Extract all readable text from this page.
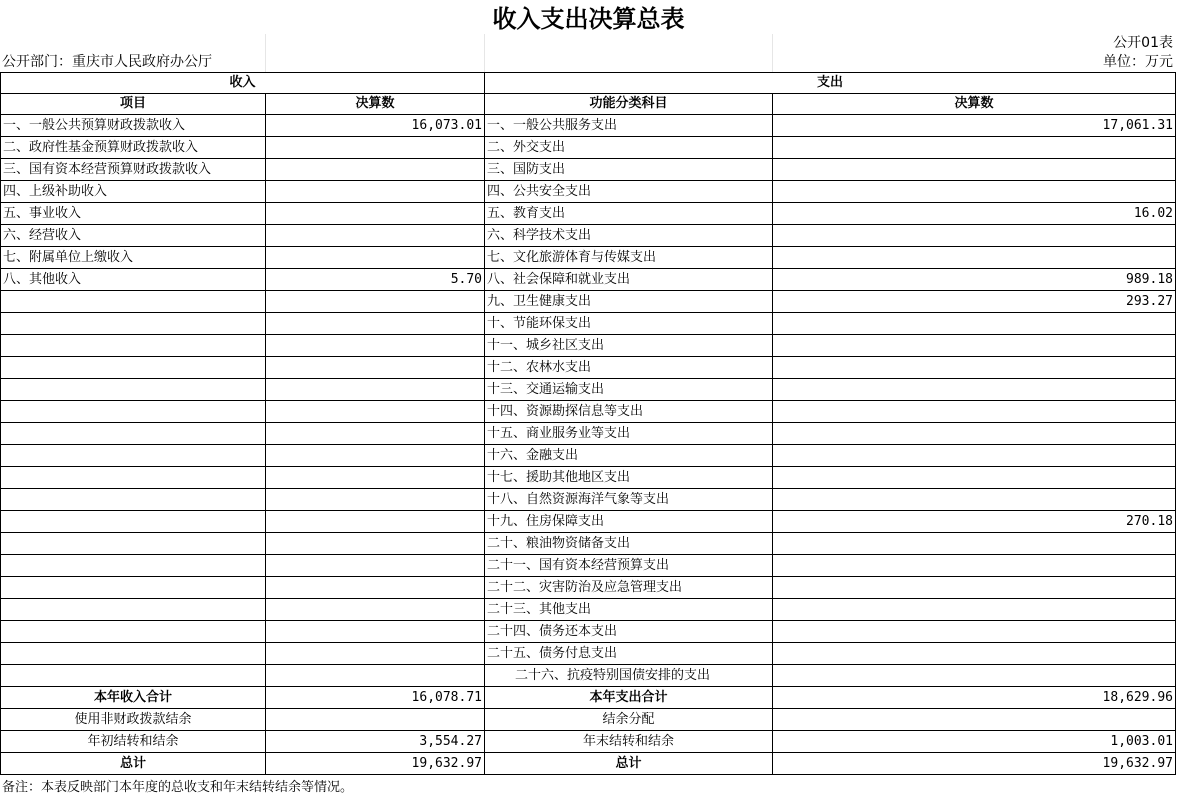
收入支出决算总表
公开01表
公开部门：重庆市人民政府办公厅	单位：万元
收入		支出	
项目	决算数	功能分类科目	决算数
一、一般公共预算财政拨款收入	16,073.01	一、一般公共服务支出	17,061.31
二、政府性基金预算财政拨款收入		二、外交支出	
三、国有资本经营预算财政拨款收入		三、国防支出	
四、上级补助收入		四、公共安全支出	
五、事业收入		五、教育支出	16.02
六、经营收入		六、科学技术支出	
七、附属单位上缴收入		七、文化旅游体育与传媒支出	
八、其他收入	5.70	八、社会保障和就业支出	989.18
		九、卫生健康支出	293.27
		十、节能环保支出	
		十一、城乡社区支出	
		十二、农林水支出	
		十三、交通运输支出	
		十四、资源勘探信息等支出	
		十五、商业服务业等支出	
		十六、金融支出	
		十七、援助其他地区支出	
		十八、自然资源海洋气象等支出	
		十九、住房保障支出	270.18
		二十、粮油物资储备支出	
		二十一、国有资本经营预算支出	
		二十二、灾害防治及应急管理支出	
		二十三、其他支出	
		二十四、债务还本支出	
		二十五、债务付息支出	
		二十六、抗疫特别国债安排的支出	
本年收入合计	16,078.71	本年支出合计	18,629.96
使用非财政拨款结余		结余分配	
年初结转和结余	3,554.27	年末结转和结余	1,003.01
总计	19,632.97	总计	19,632.97
备注：本表反映部门本年度的总收支和年末结转结余等情况。
